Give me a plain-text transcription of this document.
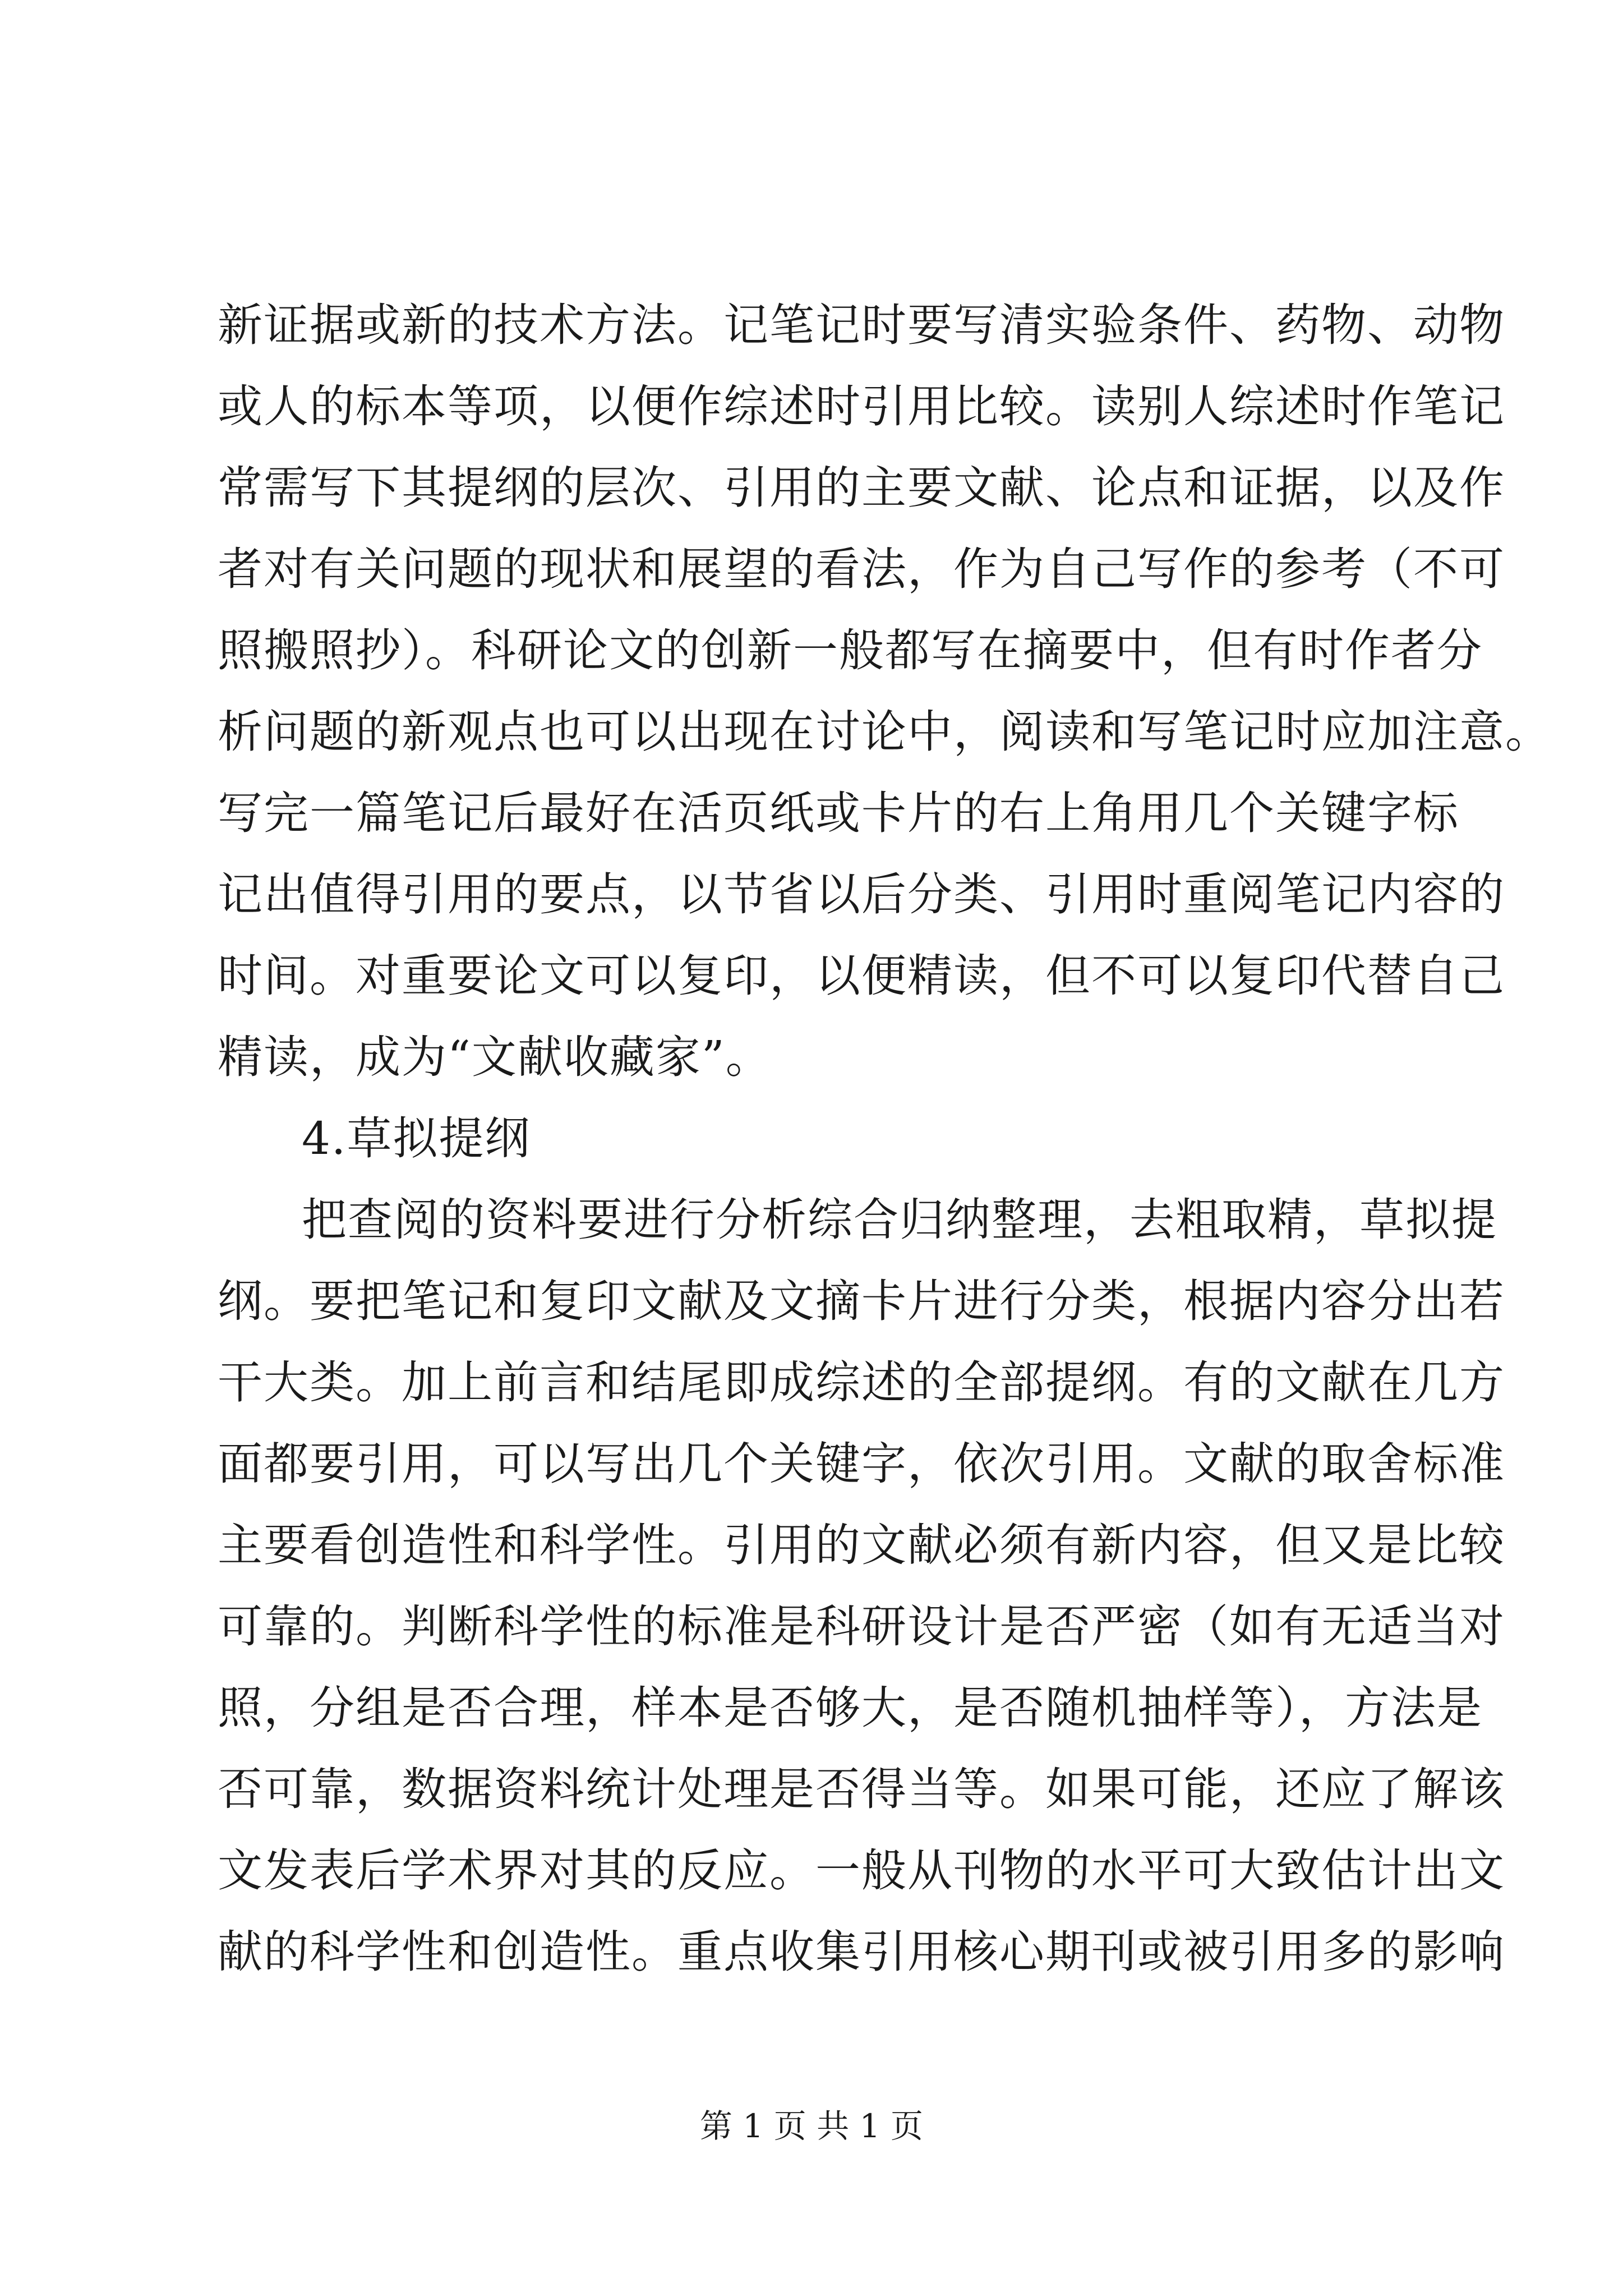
新证据或新的技术方法。记笔记时要写清实验条件、药物、动物
或人的标本等项，以便作综述时引用比较。读别人综述时作笔记
常需写下其提纲的层次、引用的主要文献、论点和证据，以及作
者对有关问题的现状和展望的看法，作为自己写作的参考（不可
照搬照抄）。科研论文的创新一般都写在摘要中，但有时作者分
析问题的新观点也可以出现在讨论中，阅读和写笔记时应加注意。
写完一篇笔记后最好在活页纸或卡片的右上角用几个关键字标
记出值得引用的要点，以节省以后分类、引用时重阅笔记内容的
时间。对重要论文可以复印，以便精读，但不可以复印代替自己
精读，成为“文献收藏家”。
4.草拟提纲
把查阅的资料要进行分析综合归纳整理，去粗取精，草拟提
纲。要把笔记和复印文献及文摘卡片进行分类，根据内容分出若
干大类。加上前言和结尾即成综述的全部提纲。有的文献在几方
面都要引用，可以写出几个关键字，依次引用。文献的取舍标准
主要看创造性和科学性。引用的文献必须有新内容，但又是比较
可靠的。判断科学性的标准是科研设计是否严密（如有无适当对
照，分组是否合理，样本是否够大，是否随机抽样等），方法是
否可靠，数据资料统计处理是否得当等。如果可能，还应了解该
文发表后学术界对其的反应。一般从刊物的水平可大致估计出文
献的科学性和创造性。重点收集引用核心期刊或被引用多的影响
第 1 页 共 1 页
